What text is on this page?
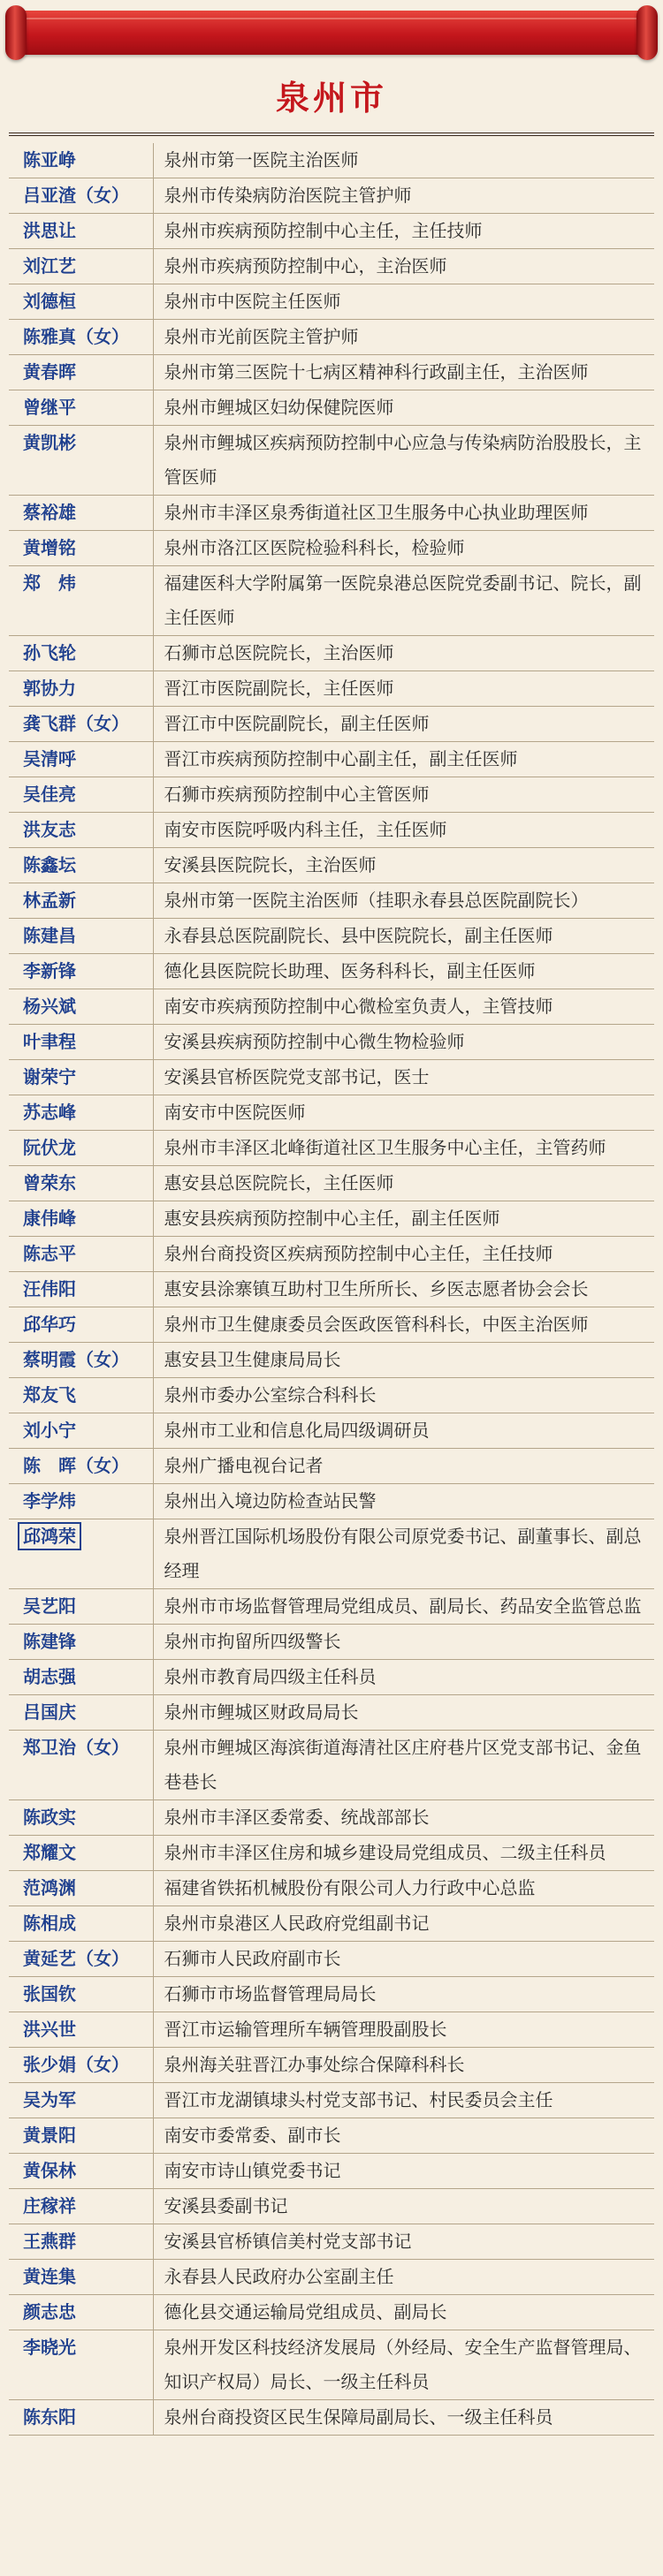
泉州市
陈亚峥	泉州市第一医院主治医师
吕亚渣（女）	泉州市传染病防治医院主管护师
洪思让	泉州市疾病预防控制中心主任，主任技师
刘江艺	泉州市疾病预防控制中心，主治医师
刘德桓	泉州市中医院主任医师
陈雅真（女）	泉州市光前医院主管护师
黄春晖	泉州市第三医院十七病区精神科行政副主任，主治医师
曾继平	泉州市鲤城区妇幼保健院医师
黄凯彬	泉州市鲤城区疾病预防控制中心应急与传染病防治股股长，主管医师
蔡裕雄	泉州市丰泽区泉秀街道社区卫生服务中心执业助理医师
黄增铭	泉州市洛江区医院检验科科长，检验师
郑　炜	福建医科大学附属第一医院泉港总医院党委副书记、院长，副主任医师
孙飞轮	石狮市总医院院长，主治医师
郭协力	晋江市医院副院长，主任医师
龚飞群（女）	晋江市中医院副院长，副主任医师
吴清呼	晋江市疾病预防控制中心副主任，副主任医师
吴佳亮	石狮市疾病预防控制中心主管医师
洪友志	南安市医院呼吸内科主任，主任医师
陈鑫坛	安溪县医院院长，主治医师
林孟新	泉州市第一医院主治医师（挂职永春县总医院副院长）
陈建昌	永春县总医院副院长、县中医院院长，副主任医师
李新锋	德化县医院院长助理、医务科科长，副主任医师
杨兴斌	南安市疾病预防控制中心微检室负责人，主管技师
叶聿程	安溪县疾病预防控制中心微生物检验师
谢荣宁	安溪县官桥医院党支部书记，医士
苏志峰	南安市中医院医师
阮伏龙	泉州市丰泽区北峰街道社区卫生服务中心主任，主管药师
曾荣东	惠安县总医院院长，主任医师
康伟峰	惠安县疾病预防控制中心主任，副主任医师
陈志平	泉州台商投资区疾病预防控制中心主任，主任技师
汪伟阳	惠安县涂寨镇互助村卫生所所长、乡医志愿者协会会长
邱华巧	泉州市卫生健康委员会医政医管科科长，中医主治医师
蔡明霞（女）	惠安县卫生健康局局长
郑友飞	泉州市委办公室综合科科长
刘小宁	泉州市工业和信息化局四级调研员
陈　晖（女）	泉州广播电视台记者
李学炜	泉州出入境边防检查站民警
邱鸿荣	泉州晋江国际机场股份有限公司原党委书记、副董事长、副总经理
吴艺阳	泉州市市场监督管理局党组成员、副局长、药品安全监管总监
陈建锋	泉州市拘留所四级警长
胡志强	泉州市教育局四级主任科员
吕国庆	泉州市鲤城区财政局局长
郑卫治（女）	泉州市鲤城区海滨街道海清社区庄府巷片区党支部书记、金鱼巷巷长
陈政实	泉州市丰泽区委常委、统战部部长
郑耀文	泉州市丰泽区住房和城乡建设局党组成员、二级主任科员
范鸿渊	福建省铁拓机械股份有限公司人力行政中心总监
陈相成	泉州市泉港区人民政府党组副书记
黄延艺（女）	石狮市人民政府副市长
张国钦	石狮市市场监督管理局局长
洪兴世	晋江市运输管理所车辆管理股副股长
张少娟（女）	泉州海关驻晋江办事处综合保障科科长
吴为军	晋江市龙湖镇埭头村党支部书记、村民委员会主任
黄景阳	南安市委常委、副市长
黄保林	南安市诗山镇党委书记
庄稼祥	安溪县委副书记
王燕群	安溪县官桥镇信美村党支部书记
黄连集	永春县人民政府办公室副主任
颜志忠	德化县交通运输局党组成员、副局长
李晓光	泉州开发区科技经济发展局（外经局、安全生产监督管理局、知识产权局）局长、一级主任科员
陈东阳	泉州台商投资区民生保障局副局长、一级主任科员
